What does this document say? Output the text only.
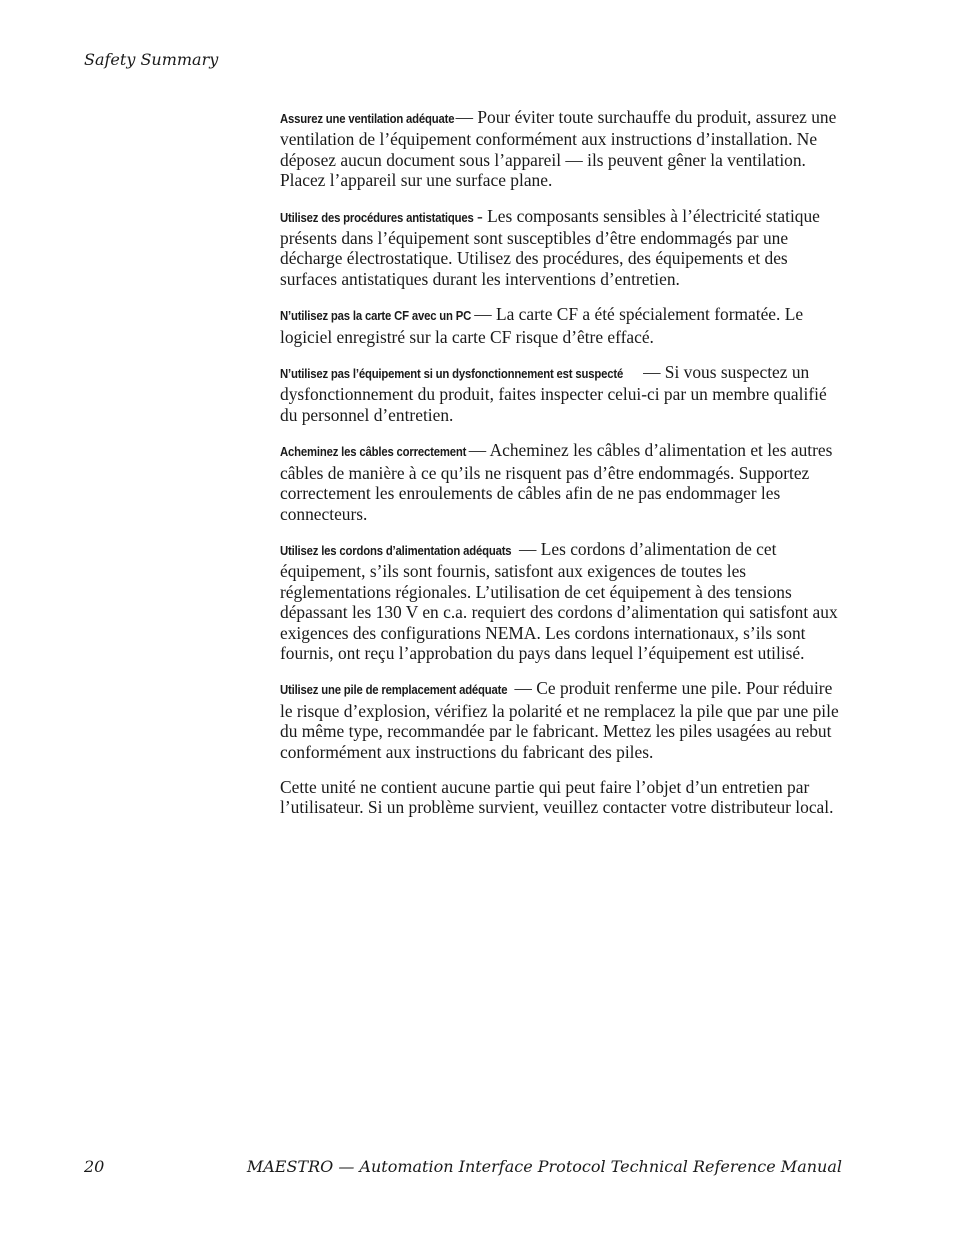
Safety Summary

Assurez une ventilation adéquate — Pour éviter toute surchauffe du produit, assurez une ventilation de l’équipement conformément aux instructions d’installation. Ne déposez aucun document sous l’appareil — ils peuvent gêner la ventilation. Placez l’appareil sur une surface plane.

Utilisez des procédures antistatiques - Les composants sensibles à l’électricité statique présents dans l’équipement sont susceptibles d’être endommagés par une décharge électrostatique. Utilisez des procédures, des équipements et des surfaces antistatiques durant les interventions d’entretien.

N’utilisez pas la carte CF avec un PC — La carte CF a été spécialement formatée. Le logiciel enregistré sur la carte CF risque d’être effacé.

N’utilisez pas l’équipement si un dysfonctionnement est suspecté — Si vous suspectez un dysfonctionnement du produit, faites inspecter celui-ci par un membre qualifié du personnel d’entretien.

Acheminez les câbles correctement — Acheminez les câbles d’alimentation et les autres câbles de manière à ce qu’ils ne risquent pas d’être endommagés. Supportez correctement les enroulements de câbles afin de ne pas endommager les connecteurs.

Utilisez les cordons d’alimentation adéquats — Les cordons d’alimentation de cet équipement, s’ils sont fournis, satisfont aux exigences de toutes les réglementations régionales. L’utilisation de cet équipement à des tensions dépassant les 130 V en c.a. requiert des cordons d’alimentation qui satisfont aux exigences des configurations NEMA. Les cordons internationaux, s’ils sont fournis, ont reçu l’approbation du pays dans lequel l’équipement est utilisé.

Utilisez une pile de remplacement adéquate — Ce produit renferme une pile. Pour réduire le risque d’explosion, vérifiez la polarité et ne remplacez la pile que par une pile du même type, recommandée par le fabricant. Mettez les piles usagées au rebut conformément aux instructions du fabricant des piles.

Cette unité ne contient aucune partie qui peut faire l’objet d’un entretien par l’utilisateur. Si un problème survient, veuillez contacter votre distributeur local.

20	MAESTRO — Automation Interface Protocol Technical Reference Manual
